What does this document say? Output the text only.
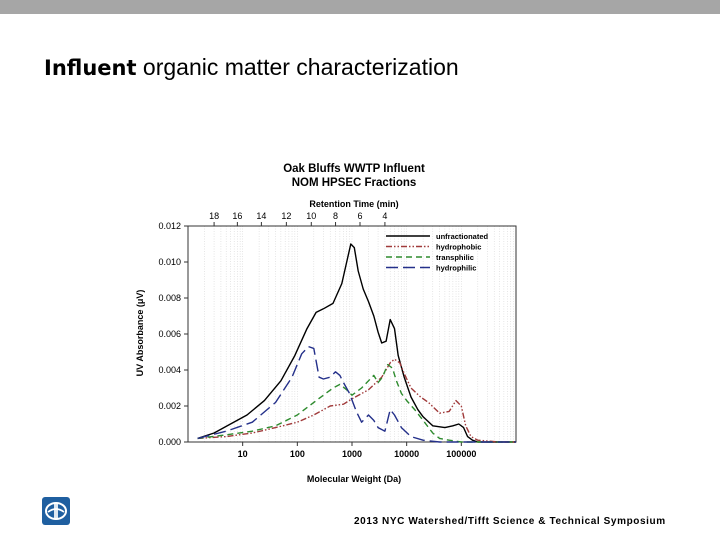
Influent organic matter characterization
Oak Bluffs WWTP Influent
NOM HPSEC Fractions
Retention Time (min)
Molecular Weight (Da)
UV Absorbance (μV)
0.000
0.002
0.004
0.006
0.008
0.010
0.012
10	100	1000	10000	100000
18 16 14 12 10 8 6 4
unfractionated
hydrophobic
transphilic
hydrophilic
2013 NYC Watershed/Tifft Science & Technical Symposium
